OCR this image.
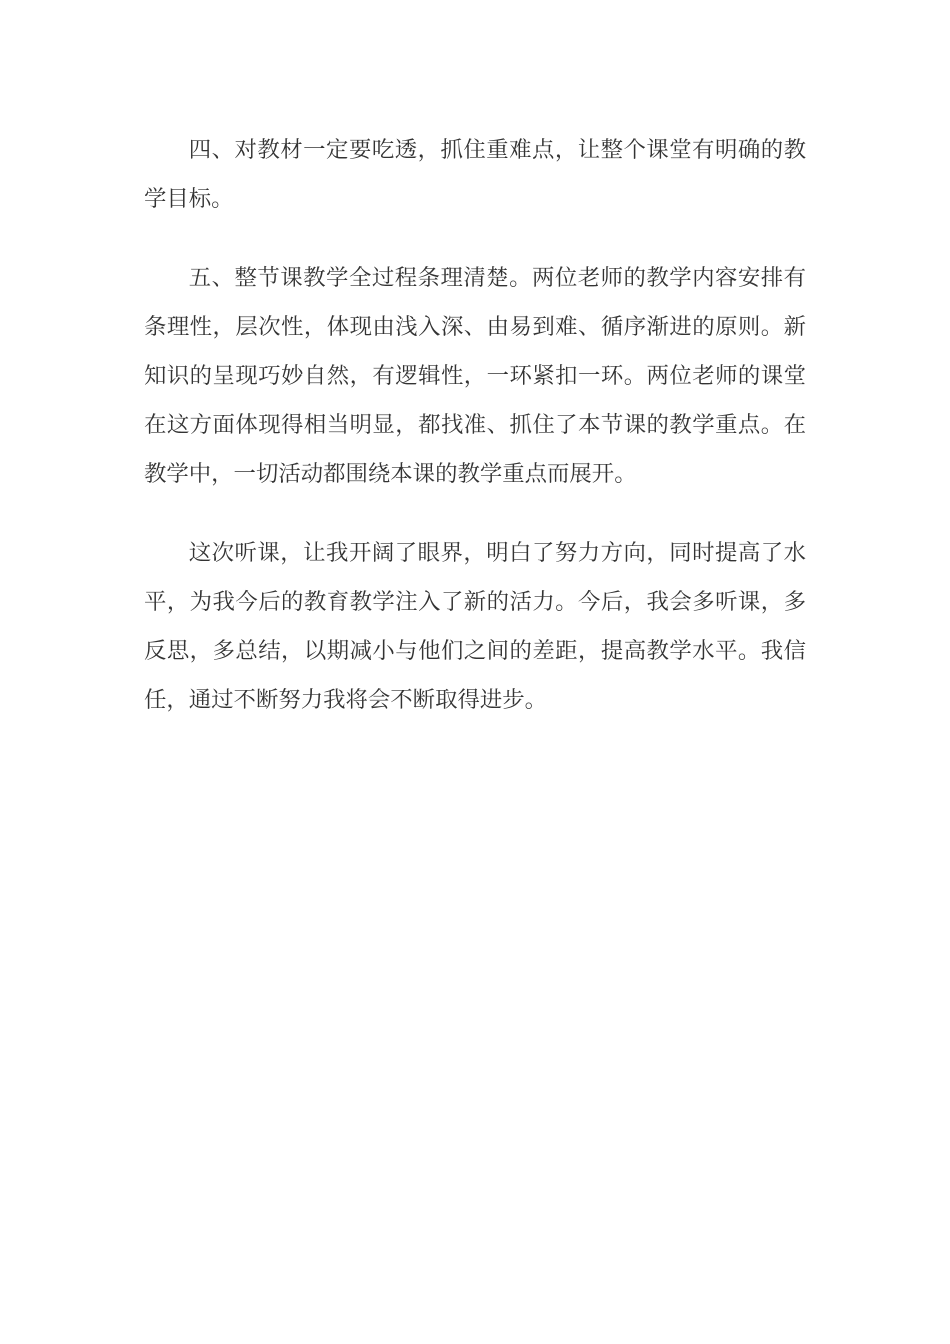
四、对教材一定要吃透，抓住重难点，让整个课堂有明确的教学目标。

五、整节课教学全过程条理清楚。两位老师的教学内容安排有条理性，层次性，体现由浅入深、由易到难、循序渐进的原则。新知识的呈现巧妙自然，有逻辑性，一环紧扣一环。两位老师的课堂在这方面体现得相当明显，都找准、抓住了本节课的教学重点。在教学中，一切活动都围绕本课的教学重点而展开。

这次听课，让我开阔了眼界，明白了努力方向，同时提高了水平，为我今后的教育教学注入了新的活力。今后，我会多听课，多反思，多总结，以期减小与他们之间的差距，提高教学水平。我信任，通过不断努力我将会不断取得进步。
